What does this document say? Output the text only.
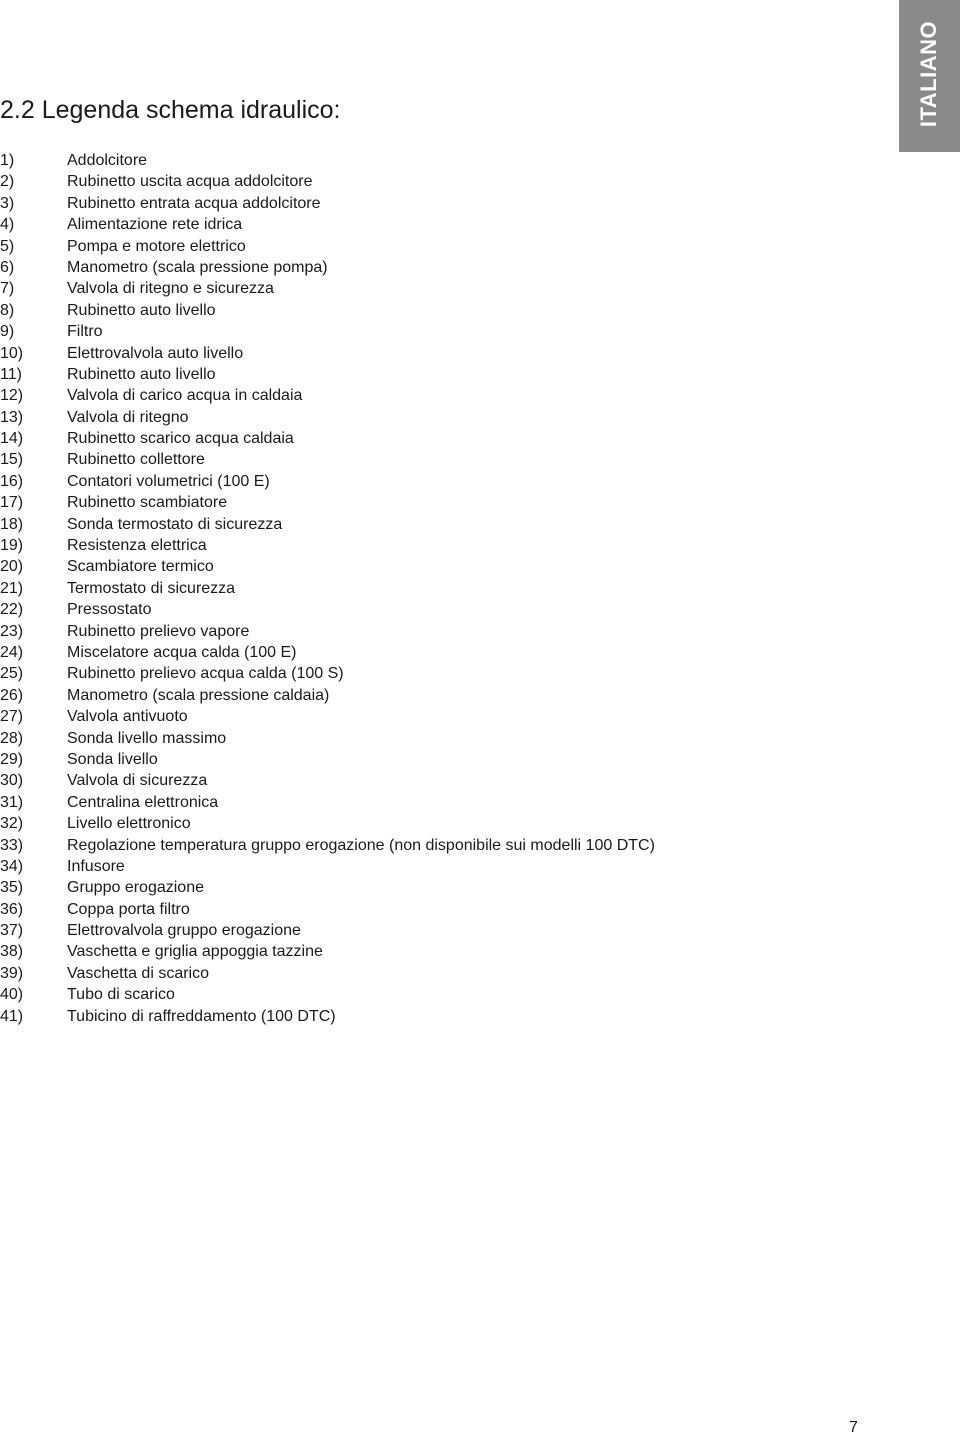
ITALIANO
2.2 Legenda schema idraulico:
1)	Addolcitore
2)	Rubinetto uscita acqua addolcitore
3)	Rubinetto entrata acqua addolcitore
4)	Alimentazione rete idrica
5)	Pompa e motore elettrico
6)	Manometro (scala pressione pompa)
7)	Valvola di ritegno e sicurezza
8)	Rubinetto auto livello
9)	Filtro
10)	Elettrovalvola auto livello
11)	Rubinetto auto livello
12)	Valvola di carico acqua in caldaia
13)	Valvola di ritegno
14)	Rubinetto scarico acqua caldaia
15)	Rubinetto collettore
16)	Contatori volumetrici (100 E)
17)	Rubinetto scambiatore
18)	Sonda termostato di sicurezza
19)	Resistenza elettrica
20)	Scambiatore termico
21)	Termostato di sicurezza
22)	Pressostato
23)	Rubinetto prelievo vapore
24)	Miscelatore acqua calda (100 E)
25)	Rubinetto prelievo acqua calda (100 S)
26)	Manometro (scala pressione caldaia)
27)	Valvola antivuoto
28)	Sonda livello massimo
29)	Sonda livello
30)	Valvola di sicurezza
31)	Centralina elettronica
32)	Livello elettronico
33)	Regolazione temperatura gruppo erogazione (non disponibile sui modelli 100 DTC)
34)	Infusore
35)	Gruppo erogazione
36)	Coppa porta filtro
37)	Elettrovalvola gruppo erogazione
38)	Vaschetta e griglia appoggia tazzine
39)	Vaschetta di scarico
40)	Tubo di scarico
41)	Tubicino di raffreddamento (100 DTC)
7
